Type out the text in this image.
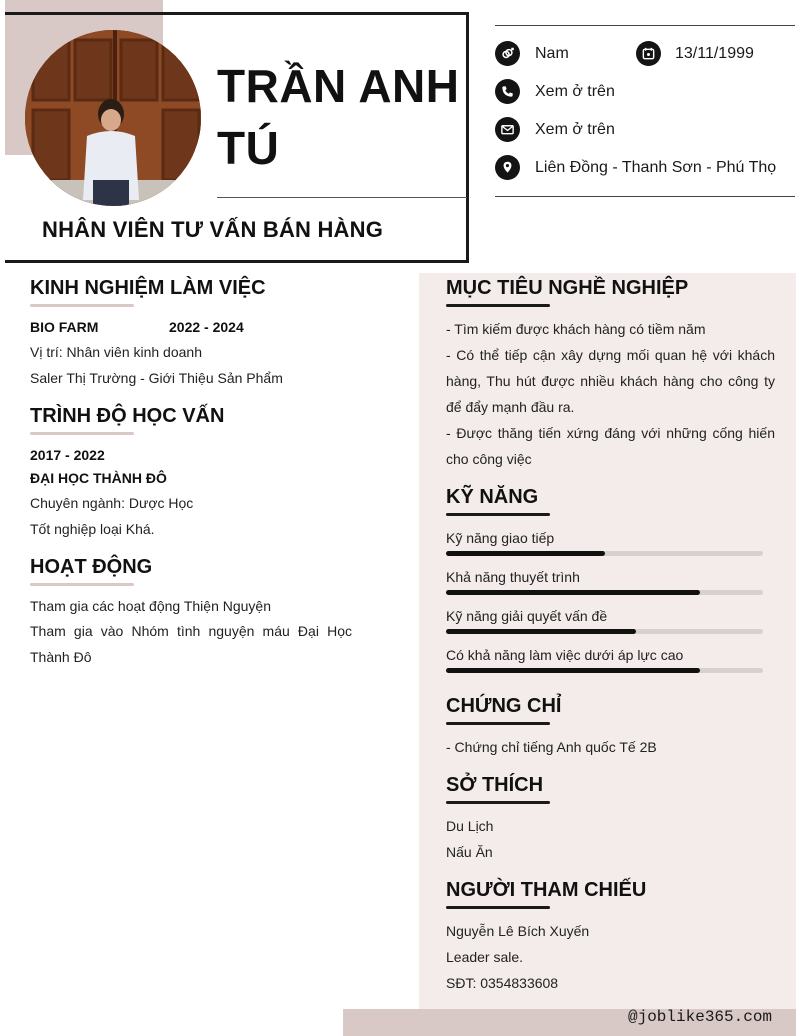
TRẦN ANH
TÚ
NHÂN VIÊN TƯ VẤN BÁN HÀNG
Nam	13/11/1999
Xem ở trên
Xem ở trên
Liên Đồng - Thanh Sơn - Phú Thọ
@joblike365.com
KINH NGHIỆM LÀM VIỆC
BIO FARM	2022 - 2024
Vị trí: Nhân viên kinh doanh
Saler Thị Trường - Giới Thiệu Sản Phẩm
TRÌNH ĐỘ HỌC VẤN
2017 - 2022
ĐẠI HỌC THÀNH ĐÔ
Chuyên ngành: Dược Học
Tốt nghiệp loại Khá.
HOẠT ĐỘNG
Tham gia các hoạt động Thiện Nguyện
Tham gia vào Nhóm tình nguyện máu Đại Học Thành Đô
MỤC TIÊU NGHỀ NGHIỆP
- Tìm kiếm được khách hàng có tiềm năm
- Có thể tiếp cận xây dựng mối quan hệ với khách hàng, Thu hút được nhiều khách hàng cho công ty để đẩy mạnh đầu ra.
- Được thăng tiến xứng đáng với những cống hiến cho công việc
KỸ NĂNG
Kỹ năng giao tiếp
Khả năng thuyết trình
Kỹ năng giải quyết vấn đề
Có khả năng làm việc dưới áp lực cao
CHỨNG CHỈ
- Chứng chỉ tiếng Anh quốc Tế 2B
SỞ THÍCH
Du Lịch
Nấu Ăn
NGƯỜI THAM CHIẾU
Nguyễn Lê Bích Xuyến
Leader sale.
SĐT: 0354833608
